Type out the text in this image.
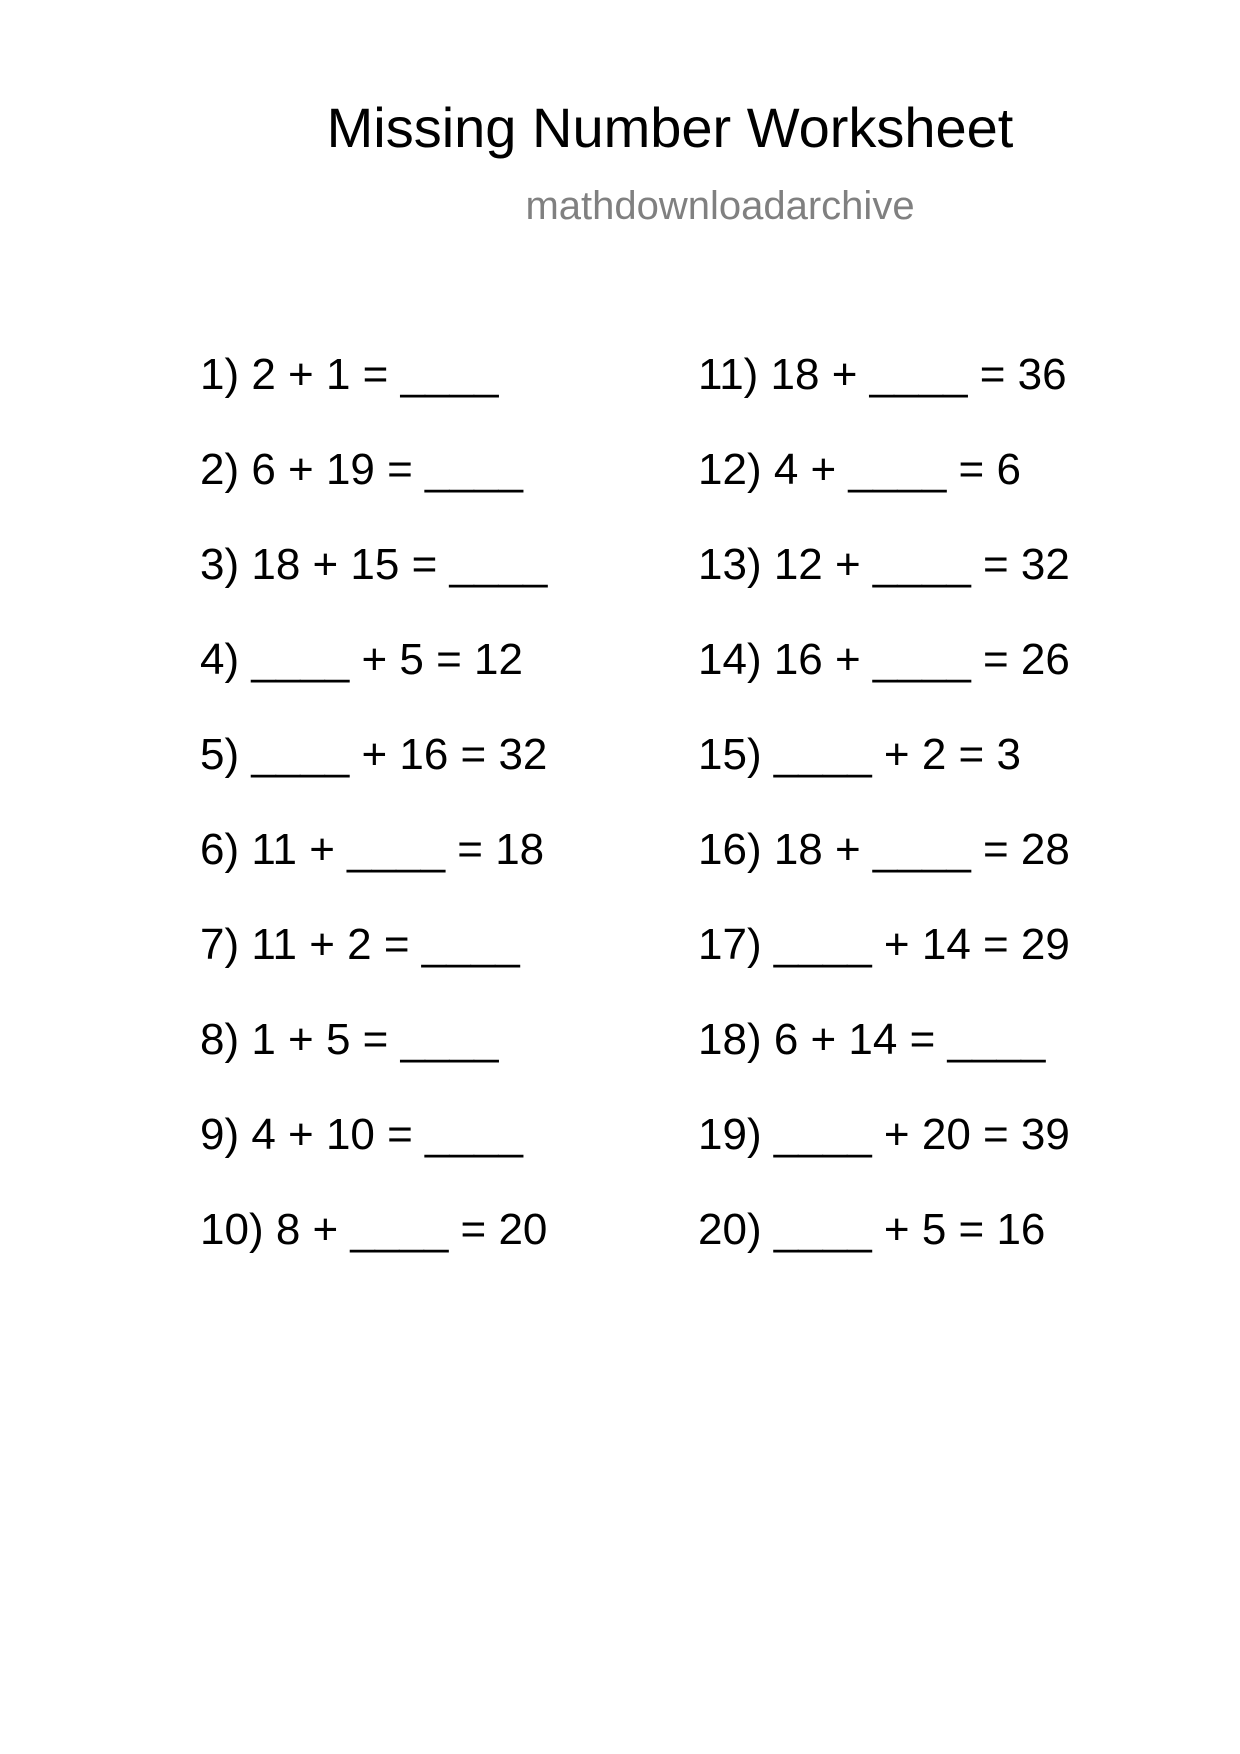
Missing Number Worksheet
mathdownloadarchive
1) 2 + 1 = ____
2) 6 + 19 = ____
3) 18 + 15 = ____
4) ____ + 5 = 12
5) ____ + 16 = 32
6) 11 + ____ = 18
7) 11 + 2 = ____
8) 1 + 5 = ____
9) 4 + 10 = ____
10) 8 + ____ = 20
11) 18 + ____ = 36
12) 4 + ____ = 6
13) 12 + ____ = 32
14) 16 + ____ = 26
15) ____ + 2 = 3
16) 18 + ____ = 28
17) ____ + 14 = 29
18) 6 + 14 = ____
19) ____ + 20 = 39
20) ____ + 5 = 16
